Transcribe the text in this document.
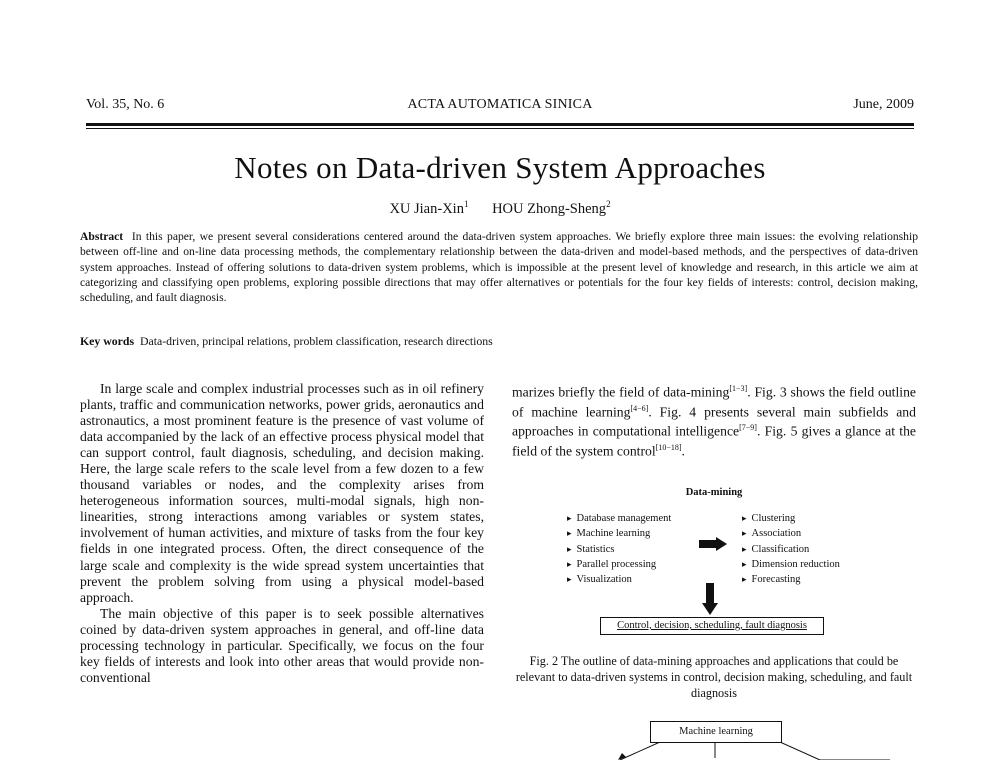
Vol. 35, No. 6	ACTA AUTOMATICA SINICA	June, 2009
Notes on Data-driven System Approaches
XU Jian-Xin$^1$ HOU Zhong-Sheng$^2$
Abstract In this paper, we present several considerations centered around the data-driven system approaches. We briefly explore three main issues: the evolving relationship between off-line and on-line data processing methods, the complementary relationship between the data-driven and model-based methods, and the perspectives of data-driven system approaches. Instead of offering solutions to data-driven system problems, which is impossible at the present level of knowledge and research, in this article we aim at categorizing and classifying open problems, exploring possible directions that may offer alternatives or potentials for the four key fields of interests: control, decision making, scheduling, and fault diagnosis.
Key words Data-driven, principal relations, problem classification, research directions

In large scale and complex industrial processes such as in oil refinery plants, traffic and communication networks, power grids, aeronautics and astronautics, a most prominent feature is the presence of vast volume of data accompanied by the lack of an effective process physical model that can support control, fault diagnosis, scheduling, and decision making. Here, the large scale refers to the scale level from a few dozen to a few thousand variables or nodes, and the complexity arises from heterogeneous information sources, multi-modal signals, high non-linearities, strong interactions among variables or system states, involvement of human activities, and mixture of tasks from the four key fields in one integrated process. Often, the direct consequence of the large scale and complexity is the wide spread system uncertainties that prevent the problem solving from using a physical model-based approach.

The main objective of this paper is to seek possible alternatives coined by data-driven system approaches in general, and off-line data processing technology in particular. Specifically, we focus on the four key fields of interests and look into other areas that would provide non-conventional

marizes briefly the field of data-mining[1−3]. Fig. 3 shows the field outline of machine learning[4−6]. Fig. 4 presents several main subfields and approaches in computational intelligence[7−9]. Fig. 5 gives a glance at the field of the system control[10−18].
Data-mining
▸ Database management
▸ Machine learning
▸ Statistics
▸ Parallel processing
▸ Visualization
▸ Clustering
▸ Association
▸ Classification
▸ Dimension reduction
▸ Forecasting
Control, decision, scheduling, fault diagnosis
Fig. 2 The outline of data-mining approaches and applications that could be relevant to data-driven systems in control, decision making, scheduling, and fault diagnosis
Machine learning
